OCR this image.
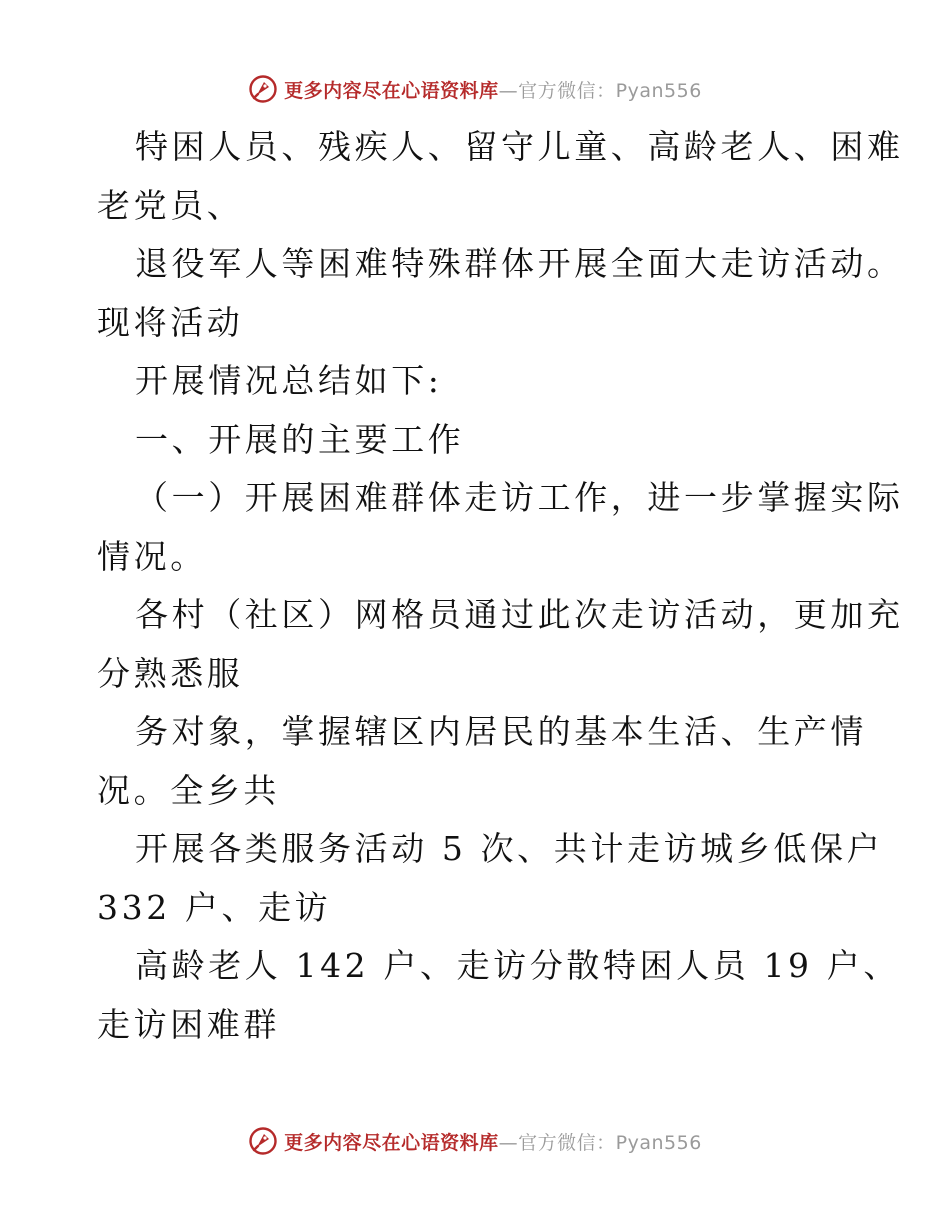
更多内容尽在心语资料库—官方微信：Pyan556

特困人员、残疾人、留守儿童、高龄老人、困难

老党员、

退役军人等困难特殊群体开展全面大走访活动。

现将活动

开展情况总结如下:

一、开展的主要工作

（一）开展困难群体走访工作，进一步掌握实际

情况。

各村（社区）网格员通过此次走访活动，更加充

分熟悉服

务对象，掌握辖区内居民的基本生活、生产情

况。全乡共

开展各类服务活动 5 次、共计走访城乡低保户

332 户、走访

高龄老人 142 户、走访分散特困人员 19 户、

走访困难群

更多内容尽在心语资料库—官方微信：Pyan556
